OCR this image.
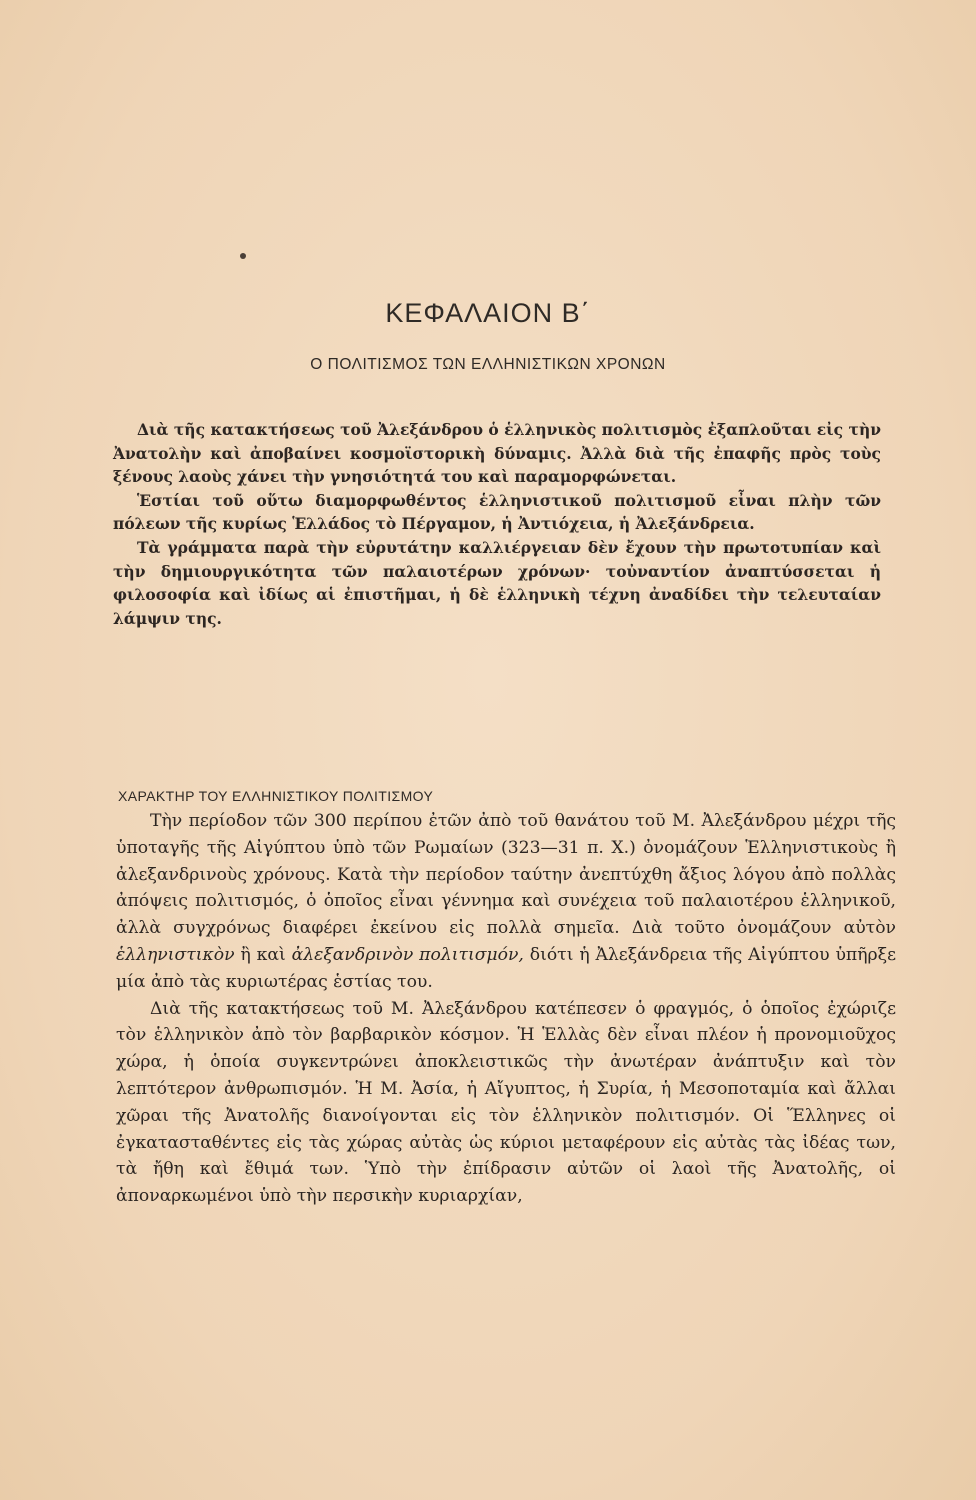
ΚΕΦΑΛΑΙΟΝ Β΄
Ο ΠΟΛΙΤΙΣΜΟΣ ΤΩΝ ΕΛΛΗΝΙΣΤΙΚΩΝ ΧΡΟΝΩΝ

Διὰ τῆς κατακτήσεως τοῦ Ἀλεξάνδρου ὁ ἑλληνικὸς πολιτισμὸς ἐξαπλοῦται εἰς τὴν Ἀνατολὴν καὶ ἀποβαίνει κοσμοϊστορικὴ δύναμις. Ἀλλὰ διὰ τῆς ἐπαφῆς πρὸς τοὺς ξένους λαοὺς χάνει τὴν γνησιότητά του καὶ παραμορφώνεται.

Ἑστίαι τοῦ οὕτω διαμορφωθέντος ἑλληνιστικοῦ πολιτισμοῦ εἶναι πλὴν τῶν πόλεων τῆς κυρίως Ἑλλάδος τὸ Πέργαμον, ἡ Ἀντιόχεια, ἡ Ἀλεξάνδρεια.

Τὰ γράμματα παρὰ τὴν εὐρυτάτην καλλιέργειαν δὲν ἔχουν τὴν πρωτοτυπίαν καὶ τὴν δημιουργικότητα τῶν παλαιοτέρων χρόνων· τοὐναντίον ἀναπτύσσεται ἡ φιλοσοφία καὶ ἰδίως αἱ ἐπιστῆμαι, ἡ δὲ ἑλληνικὴ τέχνη ἀναδίδει τὴν τελευταίαν λάμψιν της.

ΧΑΡΑΚΤΗΡ ΤΟΥ ΕΛΛΗΝΙΣΤΙΚΟΥ ΠΟΛΙΤΙΣΜΟΥ

Τὴν περίοδον τῶν 300 περίπου ἐτῶν ἀπὸ τοῦ θανάτου τοῦ Μ. Ἀλεξάνδρου μέχρι τῆς ὑποταγῆς τῆς Αἰγύπτου ὑπὸ τῶν Ρωμαίων (323—31 π. Χ.) ὀνομάζουν Ἑλληνιστικοὺς ἢ ἀλεξανδρινοὺς χρόνους. Κατὰ τὴν περίοδον ταύτην ἀνεπτύχθη ἄξιος λόγου ἀπὸ πολλὰς ἀπόψεις πολιτισμός, ὁ ὁποῖος εἶναι γέννημα καὶ συνέχεια τοῦ παλαιοτέρου ἑλληνικοῦ, ἀλλὰ συγχρόνως διαφέρει ἐκείνου εἰς πολλὰ σημεῖα. Διὰ τοῦτο ὀνομάζουν αὐτὸν ἑλληνιστικὸν ἢ καὶ ἀλεξανδρινὸν πολιτισμόν, διότι ἡ Ἀλεξάνδρεια τῆς Αἰγύπτου ὑπῆρξε μία ἀπὸ τὰς κυριωτέρας ἑστίας του.

Διὰ τῆς κατακτήσεως τοῦ Μ. Ἀλεξάνδρου κατέπεσεν ὁ φραγμός, ὁ ὁποῖος ἐχώριζε τὸν ἑλληνικὸν ἀπὸ τὸν βαρβαρικὸν κόσμον. Ἡ Ἑλλὰς δὲν εἶναι πλέον ἡ προνομιοῦχος χώρα, ἡ ὁποία συγκεντρώνει ἀποκλειστικῶς τὴν ἀνωτέραν ἀνάπτυξιν καὶ τὸν λεπτότερον ἀνθρωπισμόν. Ἡ Μ. Ἀσία, ἡ Αἴγυπτος, ἡ Συρία, ἡ Μεσοποταμία καὶ ἄλλαι χῶραι τῆς Ἀνατολῆς διανοίγονται εἰς τὸν ἑλληνικὸν πολιτισμόν. Οἱ Ἕλληνες οἱ ἐγκατασταθέντες εἰς τὰς χώρας αὐτὰς ὡς κύριοι μεταφέρουν εἰς αὐτὰς τὰς ἰδέας των, τὰ ἤθη καὶ ἔθιμά των. Ὑπὸ τὴν ἐπίδρασιν αὐτῶν οἱ λαοὶ τῆς Ἀνατολῆς, οἱ ἀποναρκωμένοι ὑπὸ τὴν περσικὴν κυριαρχίαν,
